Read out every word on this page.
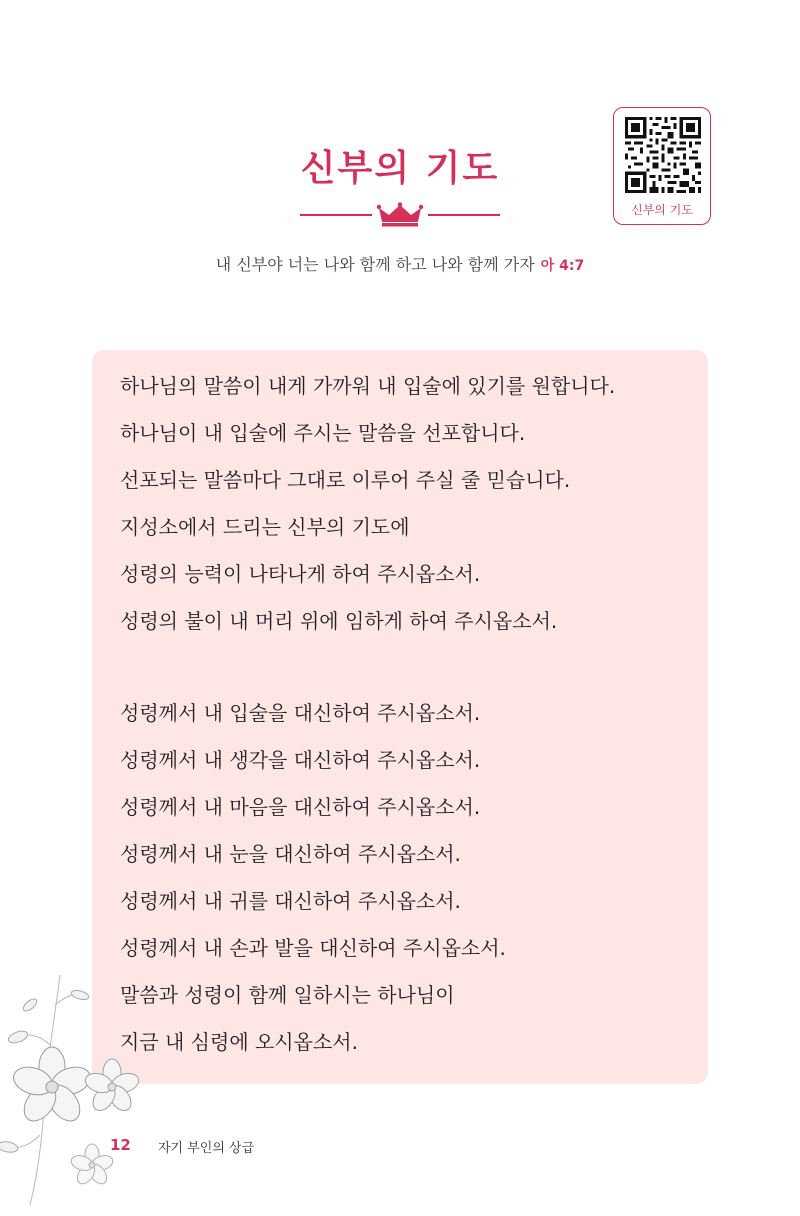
신부의 기도
내 신부야 너는 나와 함께 하고 나와 함께 가자 아 4:7
신부의 기도
하나님의 말씀이 내게 가까워 내 입술에 있기를 원합니다.
하나님이 내 입술에 주시는 말씀을 선포합니다.
선포되는 말씀마다 그대로 이루어 주실 줄 믿습니다.
지성소에서 드리는 신부의 기도에
성령의 능력이 나타나게 하여 주시옵소서.
성령의 불이 내 머리 위에 임하게 하여 주시옵소서.
성령께서 내 입술을 대신하여 주시옵소서.
성령께서 내 생각을 대신하여 주시옵소서.
성령께서 내 마음을 대신하여 주시옵소서.
성령께서 내 눈을 대신하여 주시옵소서.
성령께서 내 귀를 대신하여 주시옵소서.
성령께서 내 손과 발을 대신하여 주시옵소서.
말씀과 성령이 함께 일하시는 하나님이
지금 내 심령에 오시옵소서.
12 자기 부인의 상급
